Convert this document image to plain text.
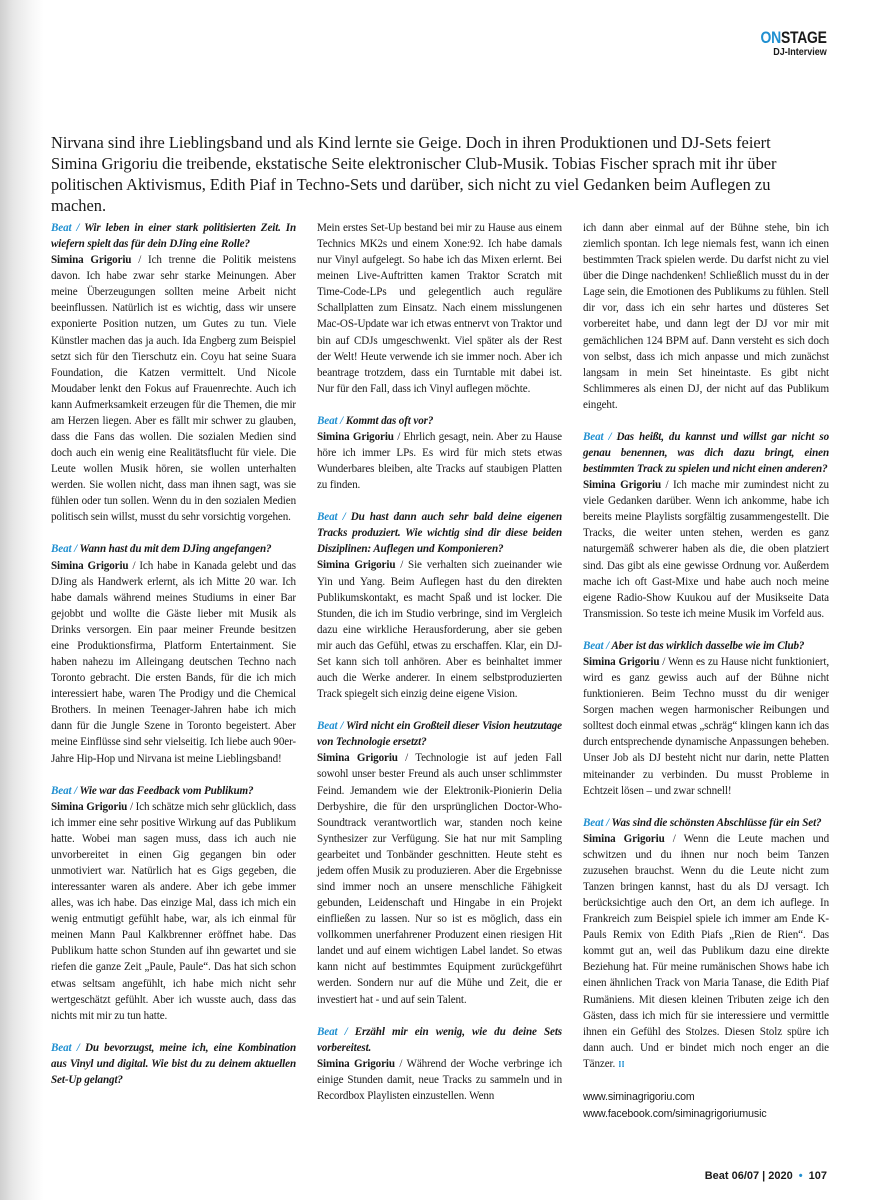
ONSTAGE
DJ-Interview
Nirvana sind ihre Lieblingsband und als Kind lernte sie Geige. Doch in ihren Produktionen und DJ-Sets feiert Simina Grigoriu die treibende, ekstatische Seite elektronischer Club-Musik. Tobias Fischer sprach mit ihr über politischen Aktivismus, Edith Piaf in Techno-Sets und darüber, sich nicht zu viel Gedanken beim Auflegen zu machen.

Beat / Wir leben in einer stark politisierten Zeit. In wiefern spielt das für dein DJing eine Rolle?

Simina Grigoriu / Ich trenne die Politik meistens davon. Ich habe zwar sehr starke Meinungen. Aber meine Überzeugungen sollten meine Arbeit nicht beeinflussen. Natürlich ist es wichtig, dass wir unsere exponierte Position nutzen, um Gutes zu tun. Viele Künstler machen das ja auch. Ida Engberg zum Beispiel setzt sich für den Tierschutz ein. Coyu hat seine Suara Foundation, die Katzen vermittelt. Und Nicole Moudaber lenkt den Fokus auf Frauenrechte. Auch ich kann Aufmerksamkeit erzeugen für die Themen, die mir am Herzen liegen. Aber es fällt mir schwer zu glauben, dass die Fans das wollen. Die sozialen Medien sind doch auch ein wenig eine Realitätsflucht für viele. Die Leute wollen Musik hören, sie wollen unterhalten werden. Sie wollen nicht, dass man ihnen sagt, was sie fühlen oder tun sollen. Wenn du in den sozialen Medien politisch sein willst, musst du sehr vorsichtig vorgehen.

Beat / Wann hast du mit dem DJing angefangen?

Simina Grigoriu / Ich habe in Kanada gelebt und das DJing als Handwerk erlernt, als ich Mitte 20 war. Ich habe damals während meines Studiums in einer Bar gejobbt und wollte die Gäste lieber mit Musik als Drinks versorgen. Ein paar meiner Freunde besitzen eine Produktionsfirma, Platform Entertainment. Sie haben nahezu im Alleingang deutschen Techno nach Toronto gebracht. Die ersten Bands, für die ich mich interessiert habe, waren The Prodigy und die Chemical Brothers. In meinen Teenager-Jahren habe ich mich dann für die Jungle Szene in Toronto begeistert. Aber meine Einflüsse sind sehr vielseitig. Ich liebe auch 90er-Jahre Hip-Hop und Nirvana ist meine Lieblingsband!

Beat / Wie war das Feedback vom Publikum?

Simina Grigoriu / Ich schätze mich sehr glücklich, dass ich immer eine sehr positive Wirkung auf das Publikum hatte. Wobei man sagen muss, dass ich auch nie unvorbereitet in einen Gig gegangen bin oder unmotiviert war. Natürlich hat es Gigs gegeben, die interessanter waren als andere. Aber ich gebe immer alles, was ich habe. Das einzige Mal, dass ich mich ein wenig entmutigt gefühlt habe, war, als ich einmal für meinen Mann Paul Kalkbrenner eröffnet habe. Das Publikum hatte schon Stunden auf ihn gewartet und sie riefen die ganze Zeit „Paule, Paule“. Das hat sich schon etwas seltsam angefühlt, ich habe mich nicht sehr wertgeschätzt gefühlt. Aber ich wusste auch, dass das nichts mit mir zu tun hatte.

Beat / Du bevorzugst, meine ich, eine Kombination aus Vinyl und digital. Wie bist du zu deinem aktuellen Set-Up gelangt?

Mein erstes Set-Up bestand bei mir zu Hause aus einem Technics MK2s und einem Xone:92. Ich habe damals nur Vinyl aufgelegt. So habe ich das Mixen erlernt. Bei meinen Live-Auftritten kamen Traktor Scratch mit Time-Code-LPs und gelegentlich auch reguläre Schallplatten zum Einsatz. Nach einem misslungenen Mac-OS-Update war ich etwas entnervt von Traktor und bin auf CDJs umgeschwenkt. Viel später als der Rest der Welt! Heute verwende ich sie immer noch. Aber ich beantrage trotzdem, dass ein Turntable mit dabei ist. Nur für den Fall, dass ich Vinyl auflegen möchte.

Beat / Kommt das oft vor?

Simina Grigoriu / Ehrlich gesagt, nein. Aber zu Hause höre ich immer LPs. Es wird für mich stets etwas Wunderbares bleiben, alte Tracks auf staubigen Platten zu finden.

Beat / Du hast dann auch sehr bald deine eigenen Tracks produziert. Wie wichtig sind dir diese beiden Disziplinen: Auflegen und Komponieren?

Simina Grigoriu / Sie verhalten sich zueinander wie Yin und Yang. Beim Auflegen hast du den direkten Publikumskontakt, es macht Spaß und ist locker. Die Stunden, die ich im Studio verbringe, sind im Vergleich dazu eine wirkliche Herausforderung, aber sie geben mir auch das Gefühl, etwas zu erschaffen. Klar, ein DJ-Set kann sich toll anhören. Aber es beinhaltet immer auch die Werke anderer. In einem selbstproduzierten Track spiegelt sich einzig deine eigene Vision.

Beat / Wird nicht ein Großteil dieser Vision heutzutage von Technologie ersetzt?

Simina Grigoriu / Technologie ist auf jeden Fall sowohl unser bester Freund als auch unser schlimmster Feind. Jemandem wie der Elektronik-Pionierin Delia Derbyshire, die für den ursprünglichen Doctor-Who-Soundtrack verantwortlich war, standen noch keine Synthesizer zur Verfügung. Sie hat nur mit Sampling gearbeitet und Tonbänder geschnitten. Heute steht es jedem offen Musik zu produzieren. Aber die Ergebnisse sind immer noch an unsere menschliche Fähigkeit gebunden, Leidenschaft und Hingabe in ein Projekt einfließen zu lassen. Nur so ist es möglich, dass ein vollkommen unerfahrener Produzent einen riesigen Hit landet und auf einem wichtigen Label landet. So etwas kann nicht auf bestimmtes Equipment zurückgeführt werden. Sondern nur auf die Mühe und Zeit, die er investiert hat - und auf sein Talent.

Beat / Erzähl mir ein wenig, wie du deine Sets vorbereitest.

Simina Grigoriu / Während der Woche verbringe ich einige Stunden damit, neue Tracks zu sammeln und in Recordbox Playlisten einzustellen. Wenn

ich dann aber einmal auf der Bühne stehe, bin ich ziemlich spontan. Ich lege niemals fest, wann ich einen bestimmten Track spielen werde. Du darfst nicht zu viel über die Dinge nachdenken! Schließlich musst du in der Lage sein, die Emotionen des Publikums zu fühlen. Stell dir vor, dass ich ein sehr hartes und düsteres Set vorbereitet habe, und dann legt der DJ vor mir mit gemächlichen 124 BPM auf. Dann versteht es sich doch von selbst, dass ich mich anpasse und mich zunächst langsam in mein Set hineintaste. Es gibt nicht Schlimmeres als einen DJ, der nicht auf das Publikum eingeht.

Beat / Das heißt, du kannst und willst gar nicht so genau benennen, was dich dazu bringt, einen bestimmten Track zu spielen und nicht einen anderen?

Simina Grigoriu / Ich mache mir zumindest nicht zu viele Gedanken darüber. Wenn ich ankomme, habe ich bereits meine Playlists sorgfältig zusammengestellt. Die Tracks, die weiter unten stehen, werden es ganz naturgemäß schwerer haben als die, die oben platziert sind. Das gibt als eine gewisse Ordnung vor. Außerdem mache ich oft Gast-Mixe und habe auch noch meine eigene Radio-Show Kuukou auf der Musikseite Data Transmission. So teste ich meine Musik im Vorfeld aus.

Beat / Aber ist das wirklich dasselbe wie im Club?

Simina Grigoriu / Wenn es zu Hause nicht funktioniert, wird es ganz gewiss auch auf der Bühne nicht funktionieren. Beim Techno musst du dir weniger Sorgen machen wegen harmonischer Reibungen und solltest doch einmal etwas „schräg“ klingen kann ich das durch entsprechende dynamische Anpassungen beheben. Unser Job als DJ besteht nicht nur darin, nette Platten miteinander zu verbinden. Du musst Probleme in Echtzeit lösen – und zwar schnell!

Beat / Was sind die schönsten Abschlüsse für ein Set?

Simina Grigoriu / Wenn die Leute machen und schwitzen und du ihnen nur noch beim Tanzen zuzusehen brauchst. Wenn du die Leute nicht zum Tanzen bringen kannst, hast du als DJ versagt. Ich berücksichtige auch den Ort, an dem ich auflege. In Frankreich zum Beispiel spiele ich immer am Ende K-Pauls Remix von Edith Piafs „Rien de Rien“. Das kommt gut an, weil das Publikum dazu eine direkte Beziehung hat. Für meine rumänischen Shows habe ich einen ähnlichen Track von Maria Tanase, die Edith Piaf Rumäniens. Mit diesen kleinen Tributen zeige ich den Gästen, dass ich mich für sie interessiere und vermittle ihnen ein Gefühl des Stolzes. Diesen Stolz spüre ich dann auch. Und er bindet mich noch enger an die Tänzer. ⁞⁞

www.siminagrigoriu.com
www.facebook.com/siminagrigoriumusic
Beat 06/07 | 2020 • 107
